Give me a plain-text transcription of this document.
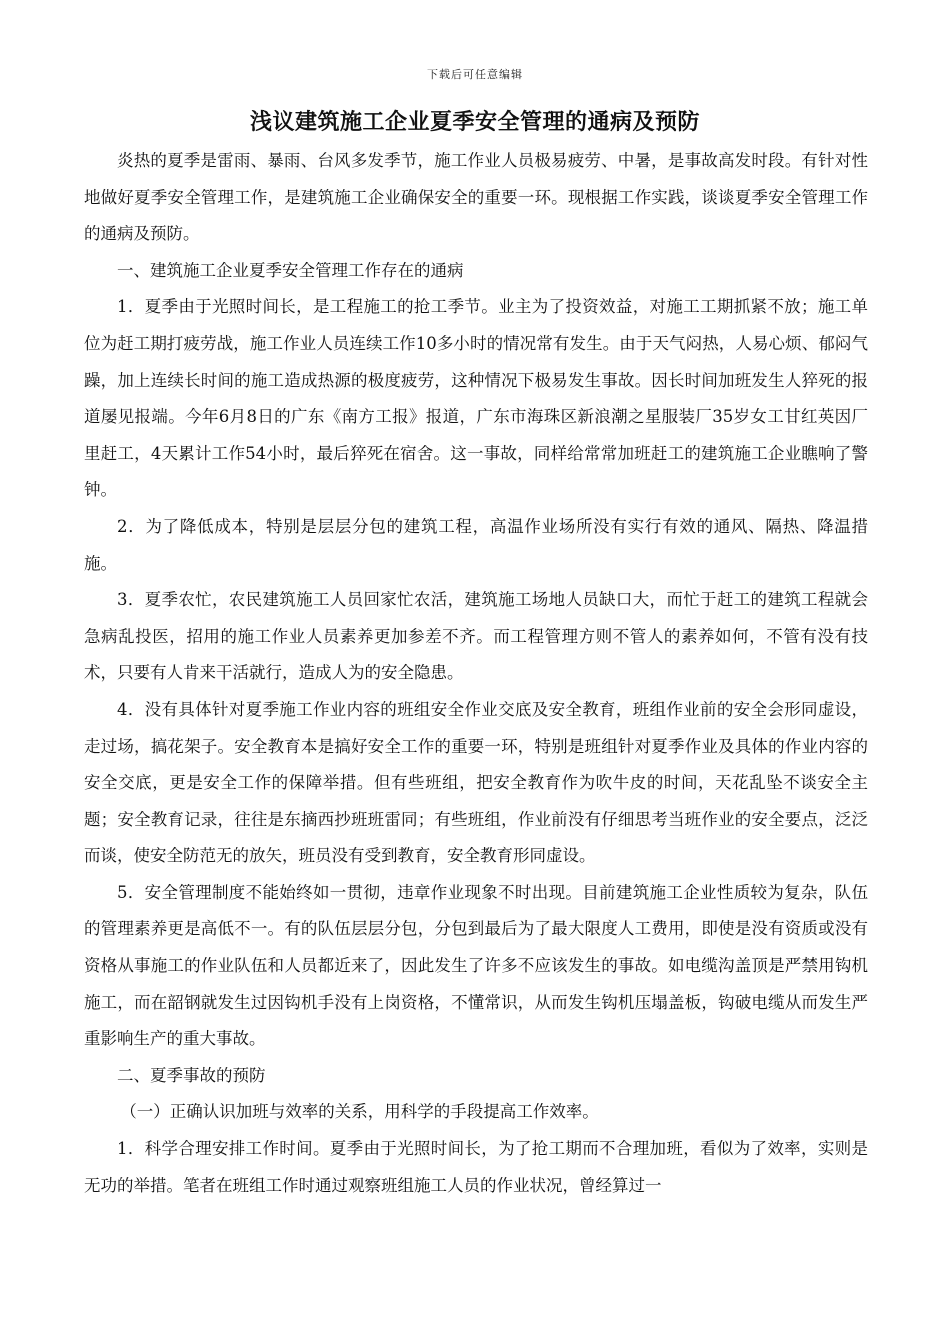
下载后可任意编辑
浅议建筑施工企业夏季安全管理的通病及预防

炎热的夏季是雷雨、暴雨、台风多发季节，施工作业人员极易疲劳、中暑，是事故高发时段。有针对性地做好夏季安全管理工作，是建筑施工企业确保安全的重要一环。现根据工作实践，谈谈夏季安全管理工作的通病及预防。

一、建筑施工企业夏季安全管理工作存在的通病

1．夏季由于光照时间长，是工程施工的抢工季节。业主为了投资效益，对施工工期抓紧不放；施工单位为赶工期打疲劳战，施工作业人员连续工作10多小时的情况常有发生。由于天气闷热，人易心烦、郁闷气躁，加上连续长时间的施工造成热源的极度疲劳，这种情况下极易发生事故。因长时间加班发生人猝死的报道屡见报端。今年6月8日的广东《南方工报》报道，广东市海珠区新浪潮之星服装厂35岁女工甘红英因厂里赶工，4天累计工作54小时，最后猝死在宿舍。这一事故，同样给常常加班赶工的建筑施工企业瞧响了警钟。

2．为了降低成本，特别是层层分包的建筑工程，高温作业场所没有实行有效的通风、隔热、降温措施。

3．夏季农忙，农民建筑施工人员回家忙农活，建筑施工场地人员缺口大，而忙于赶工的建筑工程就会急病乱投医，招用的施工作业人员素养更加参差不齐。而工程管理方则不管人的素养如何，不管有没有技术，只要有人肯来干活就行，造成人为的安全隐患。

4．没有具体针对夏季施工作业内容的班组安全作业交底及安全教育，班组作业前的安全会形同虚设，走过场，搞花架子。安全教育本是搞好安全工作的重要一环，特别是班组针对夏季作业及具体的作业内容的安全交底，更是安全工作的保障举措。但有些班组，把安全教育作为吹牛皮的时间，天花乱坠不谈安全主题；安全教育记录，往往是东摘西抄班班雷同；有些班组，作业前没有仔细思考当班作业的安全要点，泛泛而谈，使安全防范无的放矢，班员没有受到教育，安全教育形同虚设。

5．安全管理制度不能始终如一贯彻，违章作业现象不时出现。目前建筑施工企业性质较为复杂，队伍的管理素养更是高低不一。有的队伍层层分包，分包到最后为了最大限度人工费用，即使是没有资质或没有资格从事施工的作业队伍和人员都近来了，因此发生了许多不应该发生的事故。如电缆沟盖顶是严禁用钩机施工，而在韶钢就发生过因钩机手没有上岗资格，不懂常识，从而发生钩机压塌盖板，钩破电缆从而发生严重影响生产的重大事故。

二、夏季事故的预防

（一）正确认识加班与效率的关系，用科学的手段提高工作效率。

1．科学合理安排工作时间。夏季由于光照时间长，为了抢工期而不合理加班，看似为了效率，实则是无功的举措。笔者在班组工作时通过观察班组施工人员的作业状况，曾经算过一
